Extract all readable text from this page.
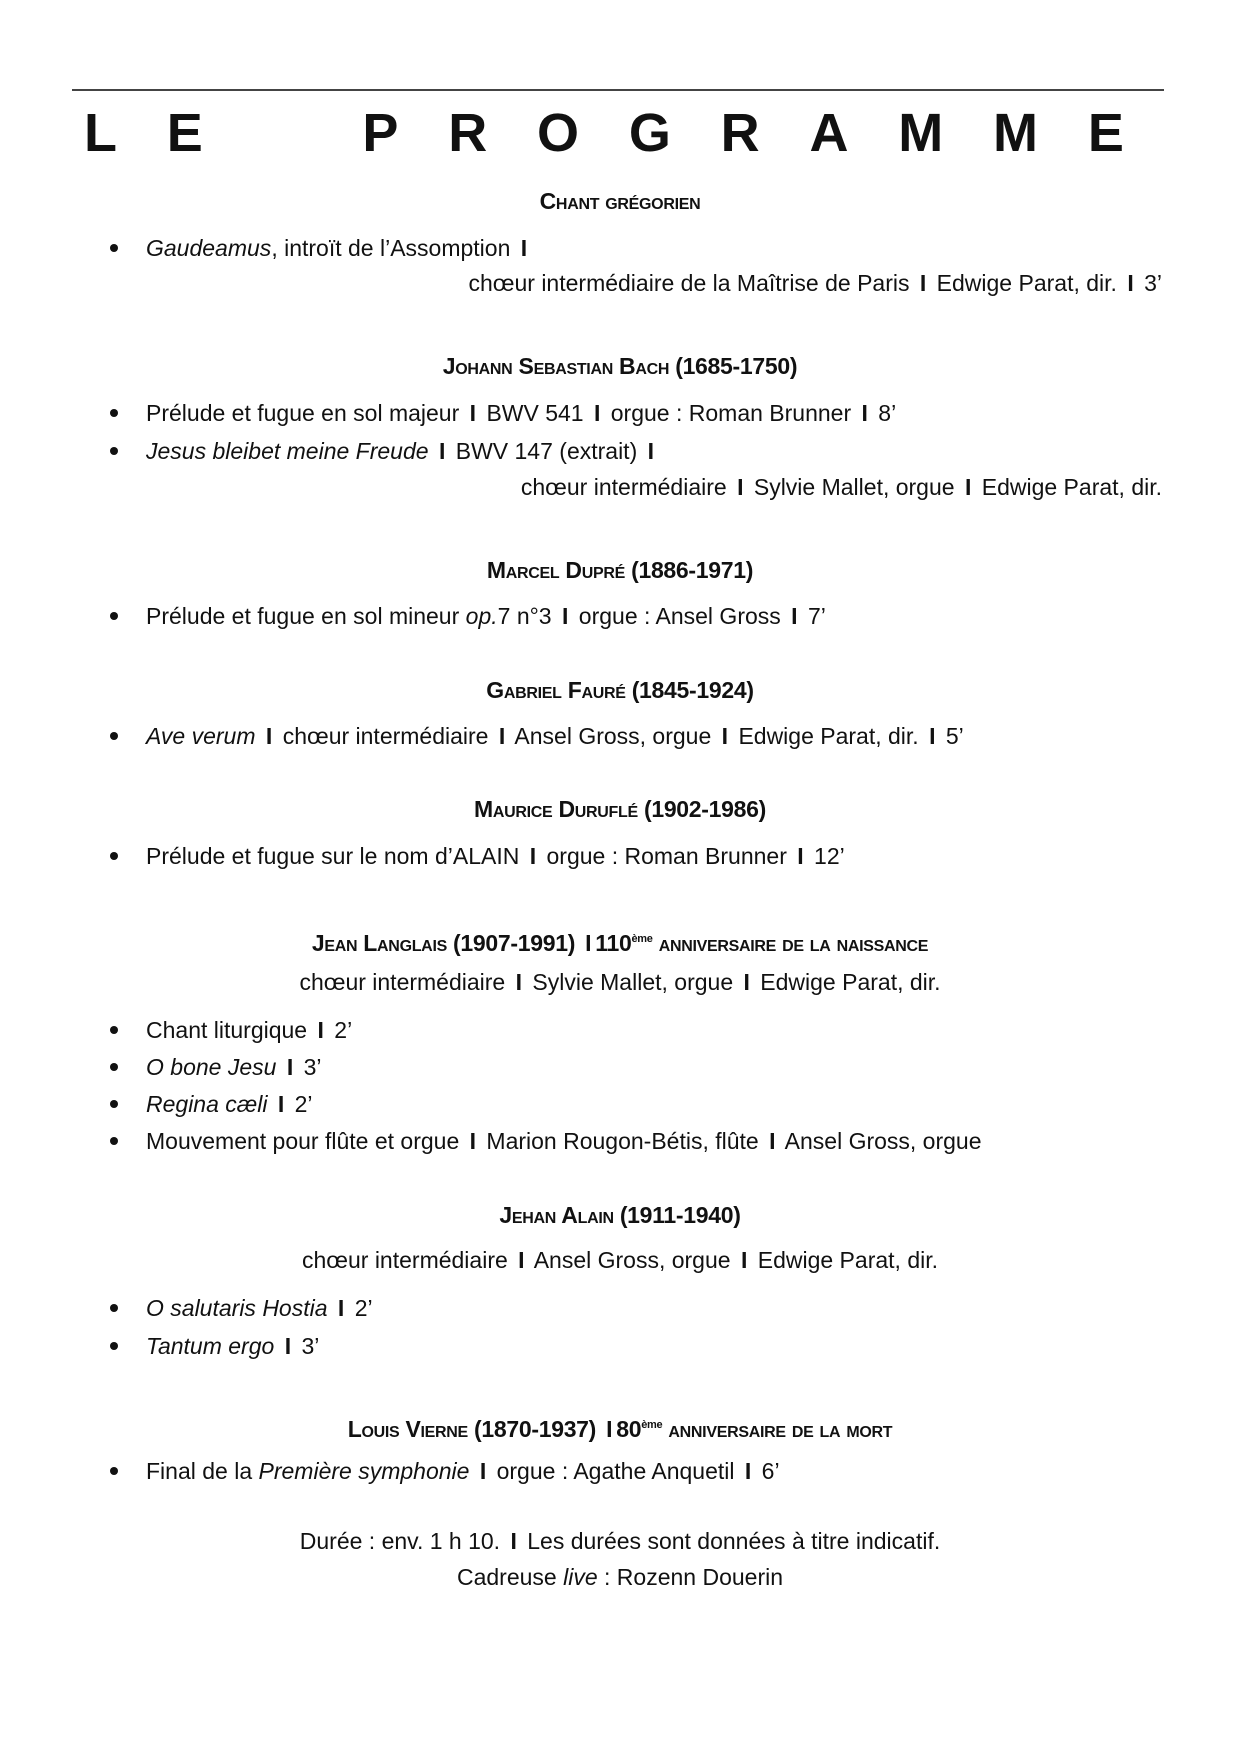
L E	P R O G R A M M E
Chant grégorien
Gaudeamus, introït de l’Assomption I
chœur intermédiaire de la Maîtrise de Paris I Edwige Parat, dir. I 3’
Johann Sebastian Bach (1685-1750)
Prélude et fugue en sol majeur I BWV 541 I orgue : Roman Brunner I 8’
Jesus bleibet meine Freude I BWV 147 (extrait) I
chœur intermédiaire I Sylvie Mallet, orgue I Edwige Parat, dir.
Marcel Dupré (1886-1971)
Prélude et fugue en sol mineur op.7 n°3 I orgue : Ansel Gross I 7’
Gabriel Fauré (1845-1924)
Ave verum I chœur intermédiaire I Ansel Gross, orgue I Edwige Parat, dir. I 5’
Maurice Duruflé (1902-1986)
Prélude et fugue sur le nom d’ALAIN I orgue : Roman Brunner I 12’
Jean Langlais (1907-1991) I 110ème anniversaire de la naissance
chœur intermédiaire I Sylvie Mallet, orgue I Edwige Parat, dir.
Chant liturgique I 2’
O bone Jesu I 3’
Regina cæli I 2’
Mouvement pour flûte et orgue I Marion Rougon-Bétis, flûte I Ansel Gross, orgue
Jehan Alain (1911-1940)
chœur intermédiaire I Ansel Gross, orgue I Edwige Parat, dir.
O salutaris Hostia I 2’
Tantum ergo I 3’
Louis Vierne (1870-1937) I 80ème anniversaire de la mort
Final de la Première symphonie I orgue : Agathe Anquetil I 6’
Durée : env. 1 h 10. I Les durées sont données à titre indicatif.
Cadreuse live : Rozenn Douerin
